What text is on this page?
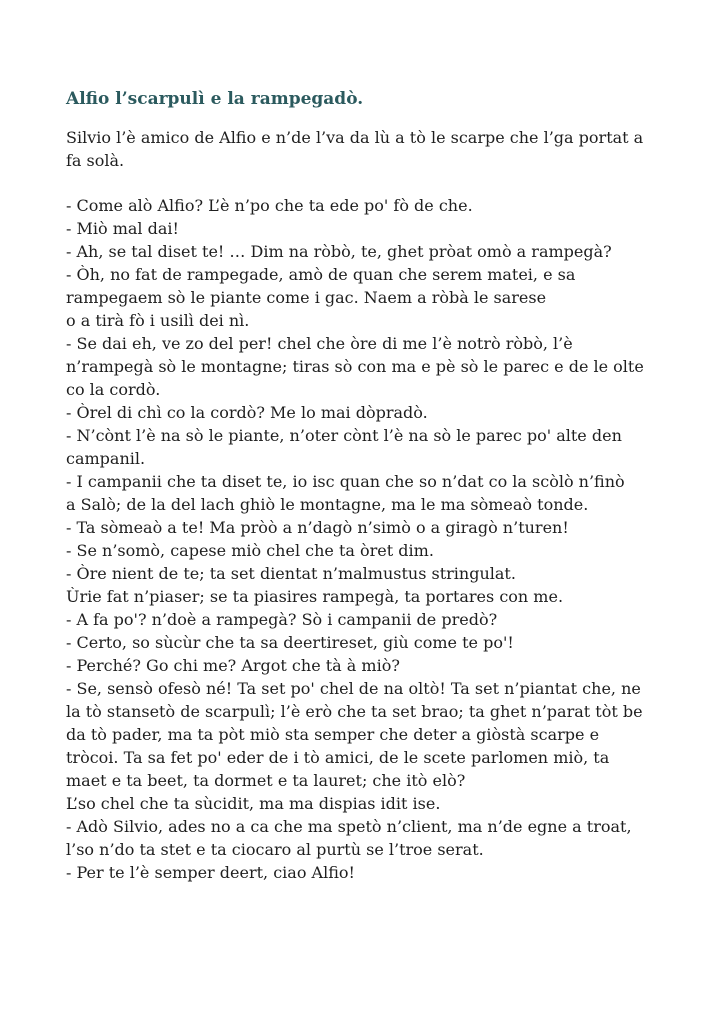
Alfio l’scarpulì e la rampegadò.
Silvio l’è amico de Alfio e n’de l’va da lù a tò le scarpe che l’ga portat a
fa solà.
- Come alò Alfio? L’è n’po che ta ede po' fò de che.
- Miò mal dai!
- Ah, se tal diset te! … Dim na ròbò, te, ghet pròat omò a rampegà?
- Òh, no fat de rampegade, amò de quan che serem matei, e sa
rampegaem sò le piante come i gac. Naem a ròbà le sarese
o a tirà fò i usilì dei nì.
- Se dai eh, ve zo del per! chel che òre di me l’è notrò ròbò, l’è
n’rampegà sò le montagne; tiras sò con ma e pè sò le parec e de le olte
co la cordò.
- Òrel di chì co la cordò? Me lo mai dòpradò.
- N’cònt l’è na sò le piante, n’oter cònt l’è na sò le parec po' alte den
campanil.
- I campanii che ta diset te, io isc quan che so n’dat co la scòlò n’finò
a Salò; de la del lach ghiò le montagne, ma le ma sòmeaò tonde.
- Ta sòmeaò a te! Ma pròò a n’dagò n’simò o a giragò n’turen!
- Se n’somò, capese miò chel che ta òret dim.
- Òre nient de te; ta set dientat n’malmustus stringulat.
Ùrie fat n’piaser; se ta piasires rampegà, ta portares con me.
- A fa po'? n’doè a rampegà? Sò i campanii de predò?
- Certo, so sùcùr che ta sa deertireset, giù come te po'!
- Perché? Go chi me? Argot che tà à miò?
- Se, sensò ofesò né! Ta set po' chel de na oltò! Ta set n’piantat che, ne
la tò stansetò de scarpulì; l’è erò che ta set brao; ta ghet n’parat tòt be
da tò pader, ma ta pòt miò sta semper che deter a giòstà scarpe e
tròcoi. Ta sa fet po' eder de i tò amici, de le scete parlomen miò, ta
maet e ta beet, ta dormet e ta lauret; che itò elò?
L’so chel che ta sùcidit, ma ma dispias idit ise.
- Adò Silvio, ades no a ca che ma spetò n’client, ma n’de egne a troat,
l’so n’do ta stet e ta ciocaro al purtù se l’troe serat.
- Per te l’è semper deert, ciao Alfio!
